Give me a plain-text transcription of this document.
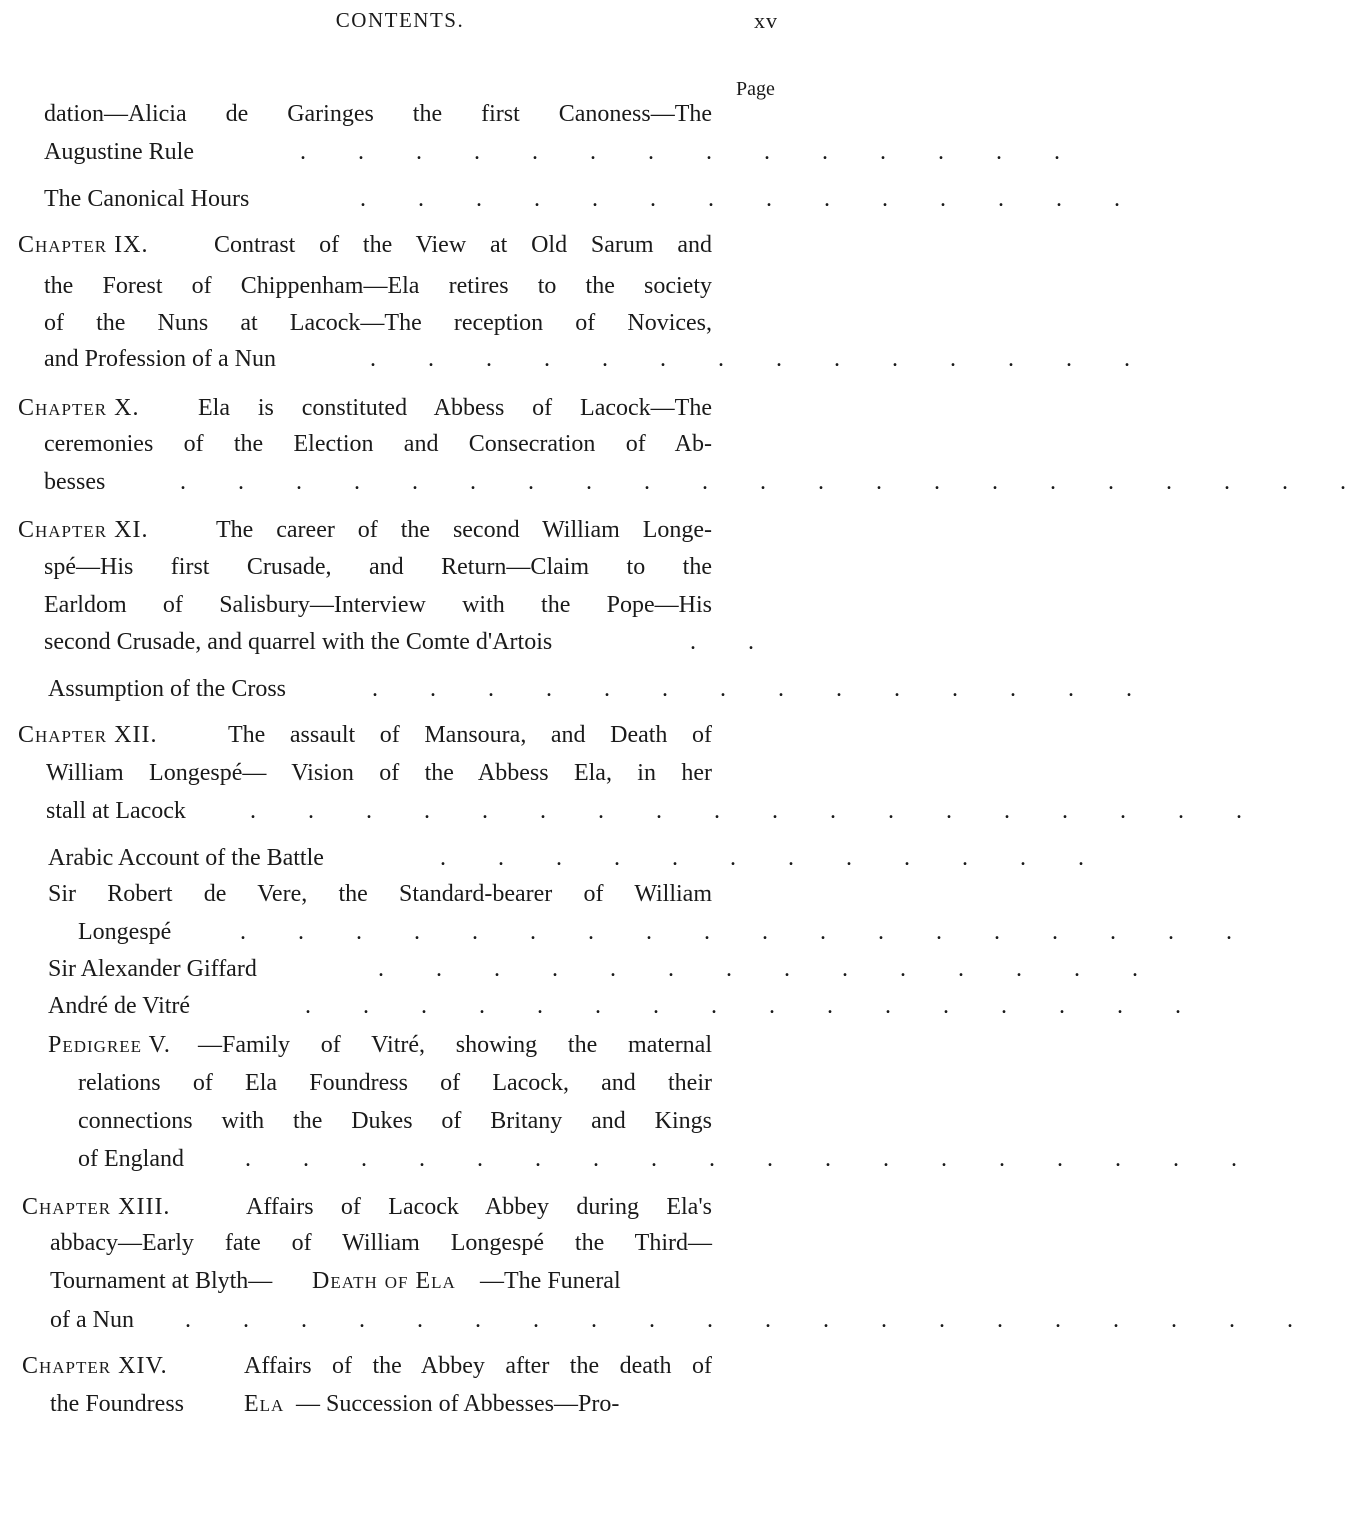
CONTENTS.	xv
Page
dation—Alicia de Garinges the first Canoness—The
Augustine Rule	. . . . . . . . . . . . . .
The Canonical Hours	. . . . . . . . . . . . . .
Chapter IX.	Contrast of the View at Old Sarum and
the Forest of Chippenham—Ela retires to the society
of the Nuns at Lacock—The reception of Novices,
and Profession of a Nun	. . . . . . . . . . . . . .
Chapter X. Ela is constituted Abbess of Lacock—The
ceremonies of the Election and Consecration of Ab-
besses	. . . . . . . . . . . . . . . . . . . . .
Chapter XI.	The career of the second William Longe-
spé—His first Crusade, and Return—Claim to the
Earldom of Salisbury—Interview with the Pope—His
second Crusade, and quarrel with the Comte d'Artois	. .
Assumption of the Cross	. . . . . . . . . . . . . .
Chapter XII.	The assault of Mansoura, and Death of
William Longespé— Vision of the Abbess Ela, in her
stall at Lacock	. . . . . . . . . . . . . . . . . .
Arabic Account of the Battle	. . . . . . . . . . . .
Sir Robert de Vere, the Standard-bearer of William
Longespé	. . . . . . . . . . . . . . . . . .
Sir Alexander Giffard	. . . . . . . . . . . . . .
André de Vitré	. . . . . . . . . . . . . . . .
Pedigree V. —Family of Vitré, showing the maternal
relations of Ela Foundress of Lacock, and their
connections with the Dukes of Britany and Kings
of England	. . . . . . . . . . . . . . . . . .
Chapter XIII.	Affairs of Lacock Abbey during Ela's
abbacy—Early fate of William Longespé the Third—
Tournament at Blyth— Death of Ela —The Funeral
of a Nun . . . . . . . . . . . . . . . . . . . .
Chapter XIV.	Affairs of the Abbey after the death of
the Foundress	Ela — Succession of Abbesses—Pro-
